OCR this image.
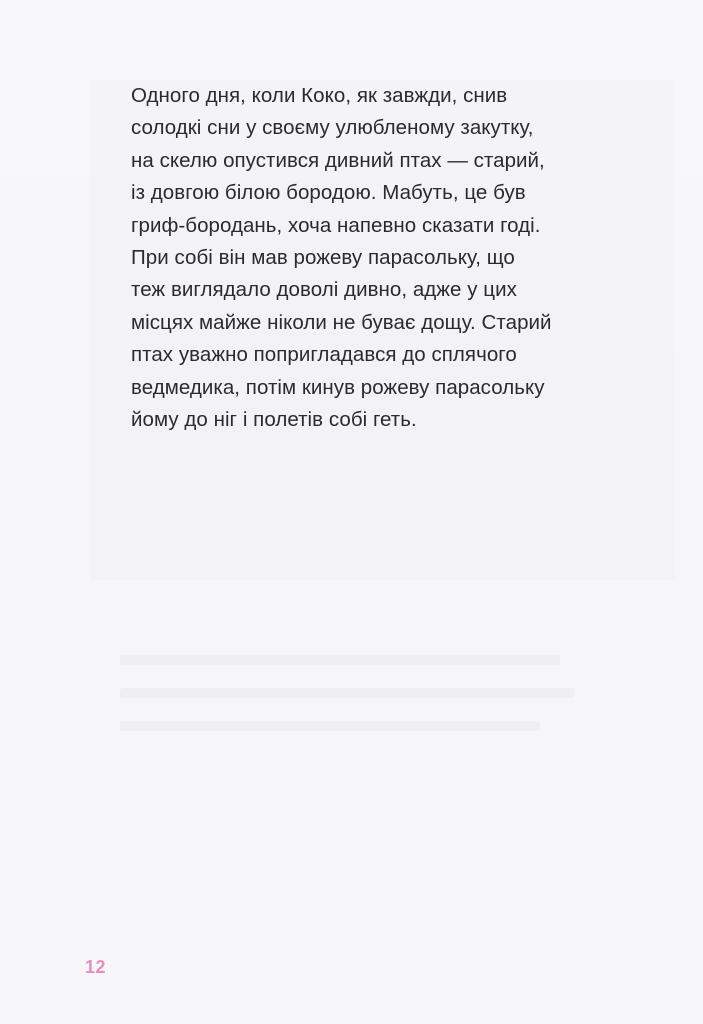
Одного дня, коли Коко, як завжди, снив
солодкі сни у своєму улюбленому закутку,
на скелю опустився дивний птах — старий,
із довгою білою бородою. Мабуть, це був
гриф-бородань, хоча напевно сказати годі.
При собі він мав рожеву парасольку, що
теж виглядало доволі дивно, адже у цих
місцях майже ніколи не буває дощу. Старий
птах уважно попригладався до сплячого
ведмедика, потім кинув рожеву парасольку
йому до ніг і полетів собі геть.

12
